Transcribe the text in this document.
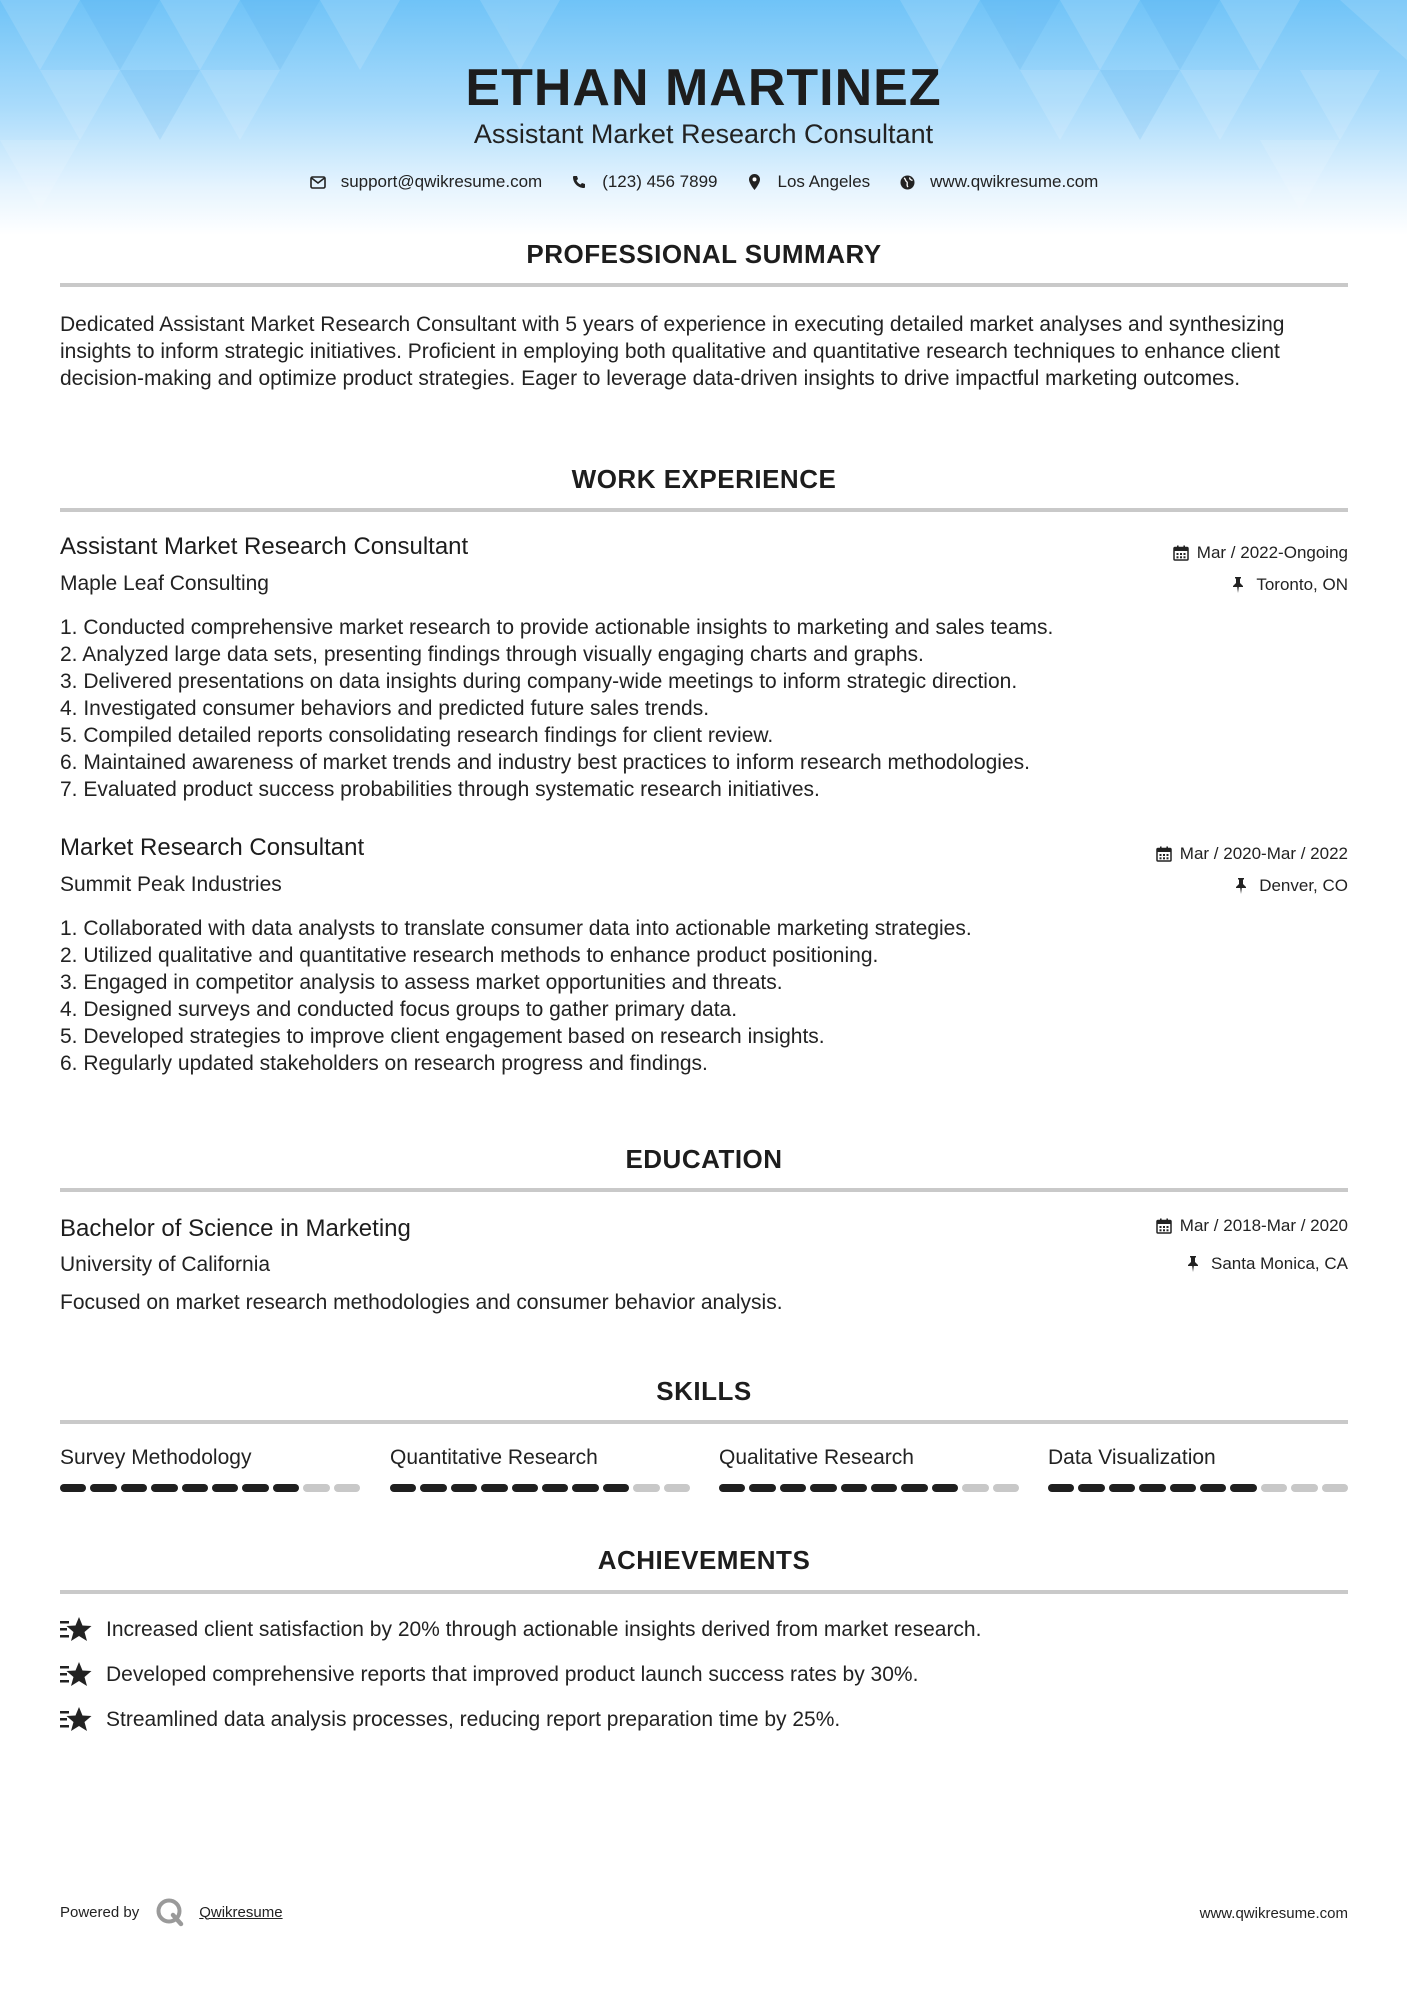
ETHAN MARTINEZ
Assistant Market Research Consultant
support@qwikresume.com	(123) 456 7899	Los Angeles	www.qwikresume.com
PROFESSIONAL SUMMARY
Dedicated Assistant Market Research Consultant with 5 years of experience in executing detailed market analyses and synthesizing insights to inform strategic initiatives. Proficient in employing both qualitative and quantitative research techniques to enhance client decision-making and optimize product strategies. Eager to leverage data-driven insights to drive impactful marketing outcomes.
WORK EXPERIENCE
Assistant Market Research Consultant	Mar / 2022-Ongoing
Maple Leaf Consulting	Toronto, ON
1. Conducted comprehensive market research to provide actionable insights to marketing and sales teams.
2. Analyzed large data sets, presenting findings through visually engaging charts and graphs.
3. Delivered presentations on data insights during company-wide meetings to inform strategic direction.
4. Investigated consumer behaviors and predicted future sales trends.
5. Compiled detailed reports consolidating research findings for client review.
6. Maintained awareness of market trends and industry best practices to inform research methodologies.
7. Evaluated product success probabilities through systematic research initiatives.
Market Research Consultant	Mar / 2020-Mar / 2022
Summit Peak Industries	Denver, CO
1. Collaborated with data analysts to translate consumer data into actionable marketing strategies.
2. Utilized qualitative and quantitative research methods to enhance product positioning.
3. Engaged in competitor analysis to assess market opportunities and threats.
4. Designed surveys and conducted focus groups to gather primary data.
5. Developed strategies to improve client engagement based on research insights.
6. Regularly updated stakeholders on research progress and findings.
EDUCATION
Bachelor of Science in Marketing	Mar / 2018-Mar / 2020
University of California	Santa Monica, CA
Focused on market research methodologies and consumer behavior analysis.
SKILLS
Survey Methodology	Quantitative Research	Qualitative Research	Data Visualization
ACHIEVEMENTS
Increased client satisfaction by 20% through actionable insights derived from market research.
Developed comprehensive reports that improved product launch success rates by 30%.
Streamlined data analysis processes, reducing report preparation time by 25%.
Powered by	Qwikresume	www.qwikresume.com
